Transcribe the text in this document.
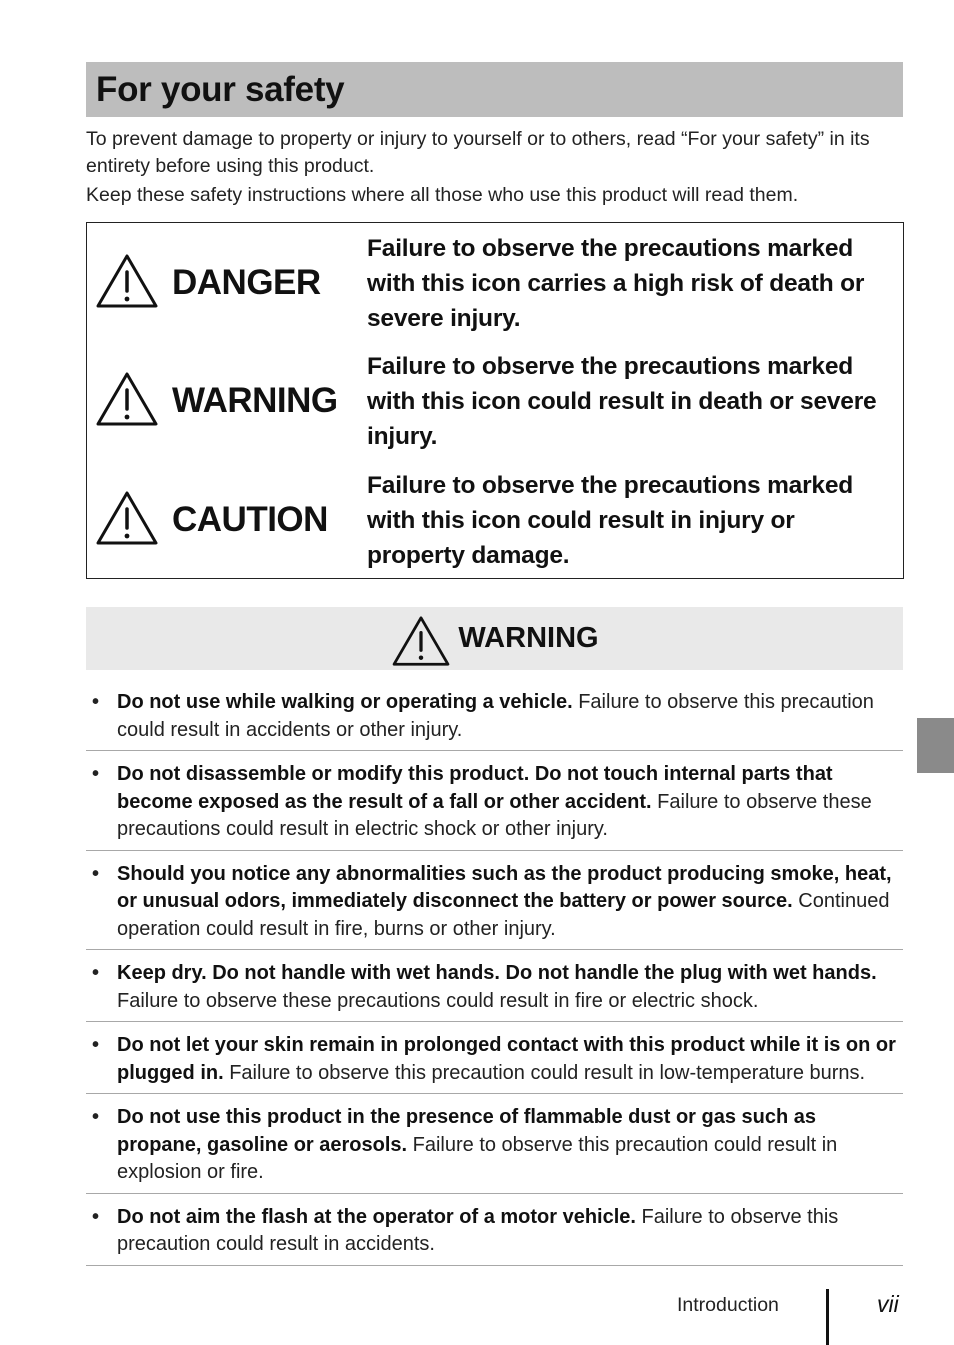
For your safety

To prevent damage to property or injury to yourself or to others, read “For your safety” in its entirety before using this product.

Keep these safety instructions where all those who use this product will read them.

DANGER
Failure to observe the precautions marked with this icon carries a high risk of death or severe injury.
WARNING
Failure to observe the precautions marked with this icon could result in death or severe injury.
CAUTION
Failure to observe the precautions marked with this icon could result in injury or property damage.
WARNING
• Do not use while walking or operating a vehicle. Failure to observe this precaution could result in accidents or other injury.
• Do not disassemble or modify this product. Do not touch internal parts that become exposed as the result of a fall or other accident. Failure to observe these precautions could result in electric shock or other injury.
• Should you notice any abnormalities such as the product producing smoke, heat, or unusual odors, immediately disconnect the battery or power source. Continued operation could result in fire, burns or other injury.
• Keep dry. Do not handle with wet hands. Do not handle the plug with wet hands. Failure to observe these precautions could result in fire or electric shock.
• Do not let your skin remain in prolonged contact with this product while it is on or plugged in. Failure to observe this precaution could result in low-temperature burns.
• Do not use this product in the presence of flammable dust or gas such as propane, gasoline or aerosols. Failure to observe this precaution could result in explosion or fire.
• Do not aim the flash at the operator of a motor vehicle. Failure to observe this precaution could result in accidents.
Introduction	vii
